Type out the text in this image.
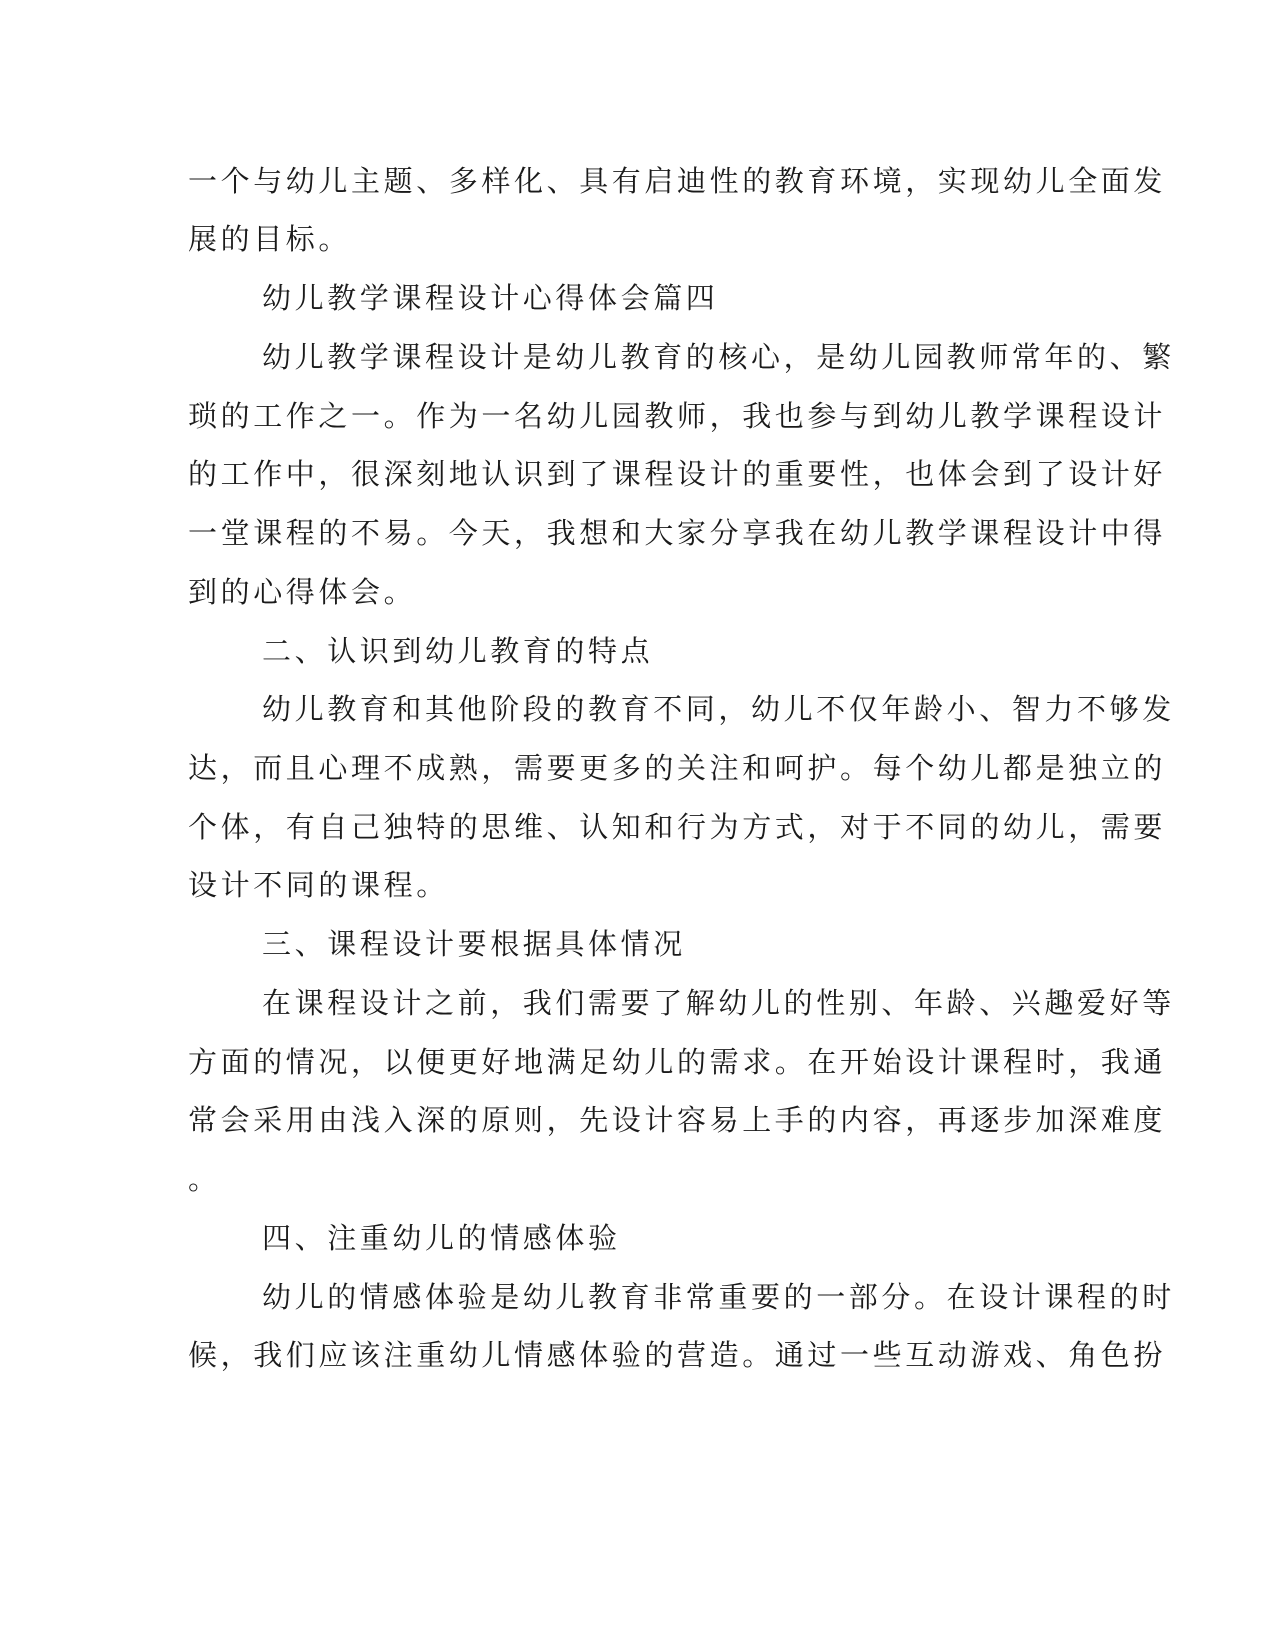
一个与幼儿主题、多样化、具有启迪性的教育环境，实现幼儿全面发
展的目标。
幼儿教学课程设计心得体会篇四
幼儿教学课程设计是幼儿教育的核心，是幼儿园教师常年的、繁
琐的工作之一。作为一名幼儿园教师，我也参与到幼儿教学课程设计
的工作中，很深刻地认识到了课程设计的重要性，也体会到了设计好
一堂课程的不易。今天，我想和大家分享我在幼儿教学课程设计中得
到的心得体会。
二、认识到幼儿教育的特点
幼儿教育和其他阶段的教育不同，幼儿不仅年龄小、智力不够发
达，而且心理不成熟，需要更多的关注和呵护。每个幼儿都是独立的
个体，有自己独特的思维、认知和行为方式，对于不同的幼儿，需要
设计不同的课程。
三、课程设计要根据具体情况
在课程设计之前，我们需要了解幼儿的性别、年龄、兴趣爱好等
方面的情况，以便更好地满足幼儿的需求。在开始设计课程时，我通
常会采用由浅入深的原则，先设计容易上手的内容，再逐步加深难度
。
四、注重幼儿的情感体验
幼儿的情感体验是幼儿教育非常重要的一部分。在设计课程的时
候，我们应该注重幼儿情感体验的营造。通过一些互动游戏、角色扮
